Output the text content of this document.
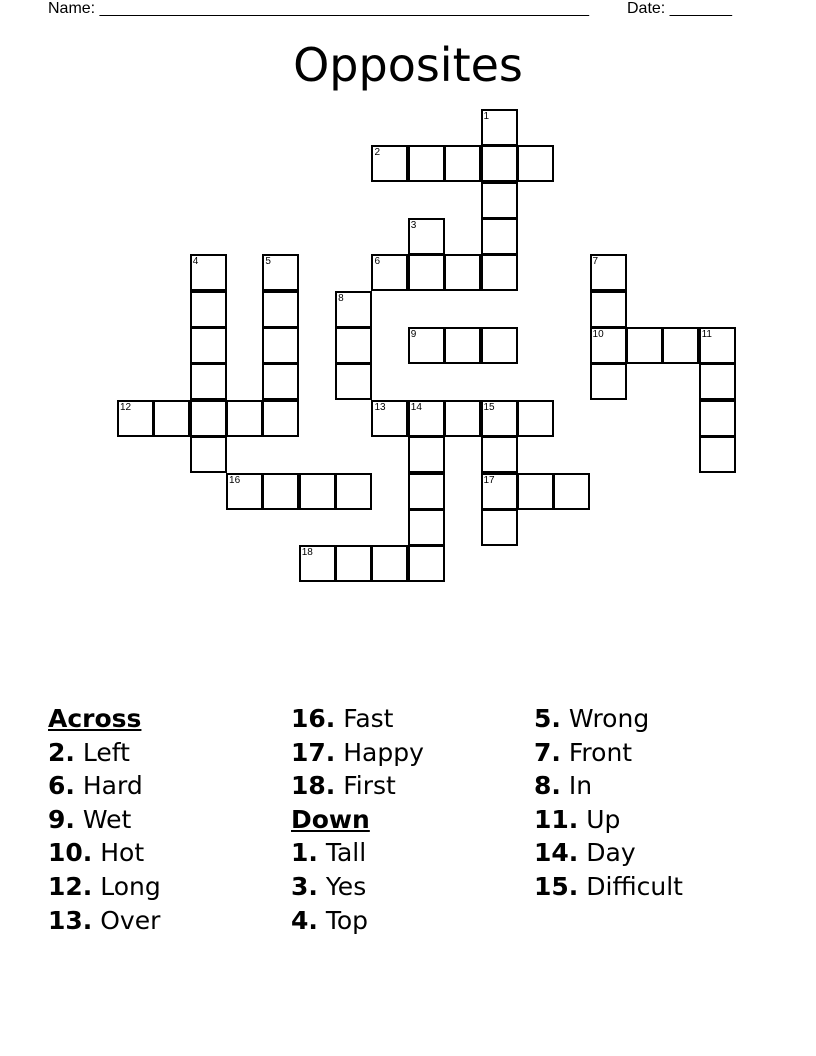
Name: _______________________________________________________ Date: _______
Opposites
1
2
3
4	5	6	7
10
8
9	11
12	13	14	15
17
16
18
Across
2. Left
6. Hard
9. Wet
10. Hot
12. Long
13. Over
16. Fast
17. Happy
18. First
Down
1. Tall
3. Yes
4. Top
5. Wrong
7. Front
8. In
11. Up
14. Day
15. Difficult
